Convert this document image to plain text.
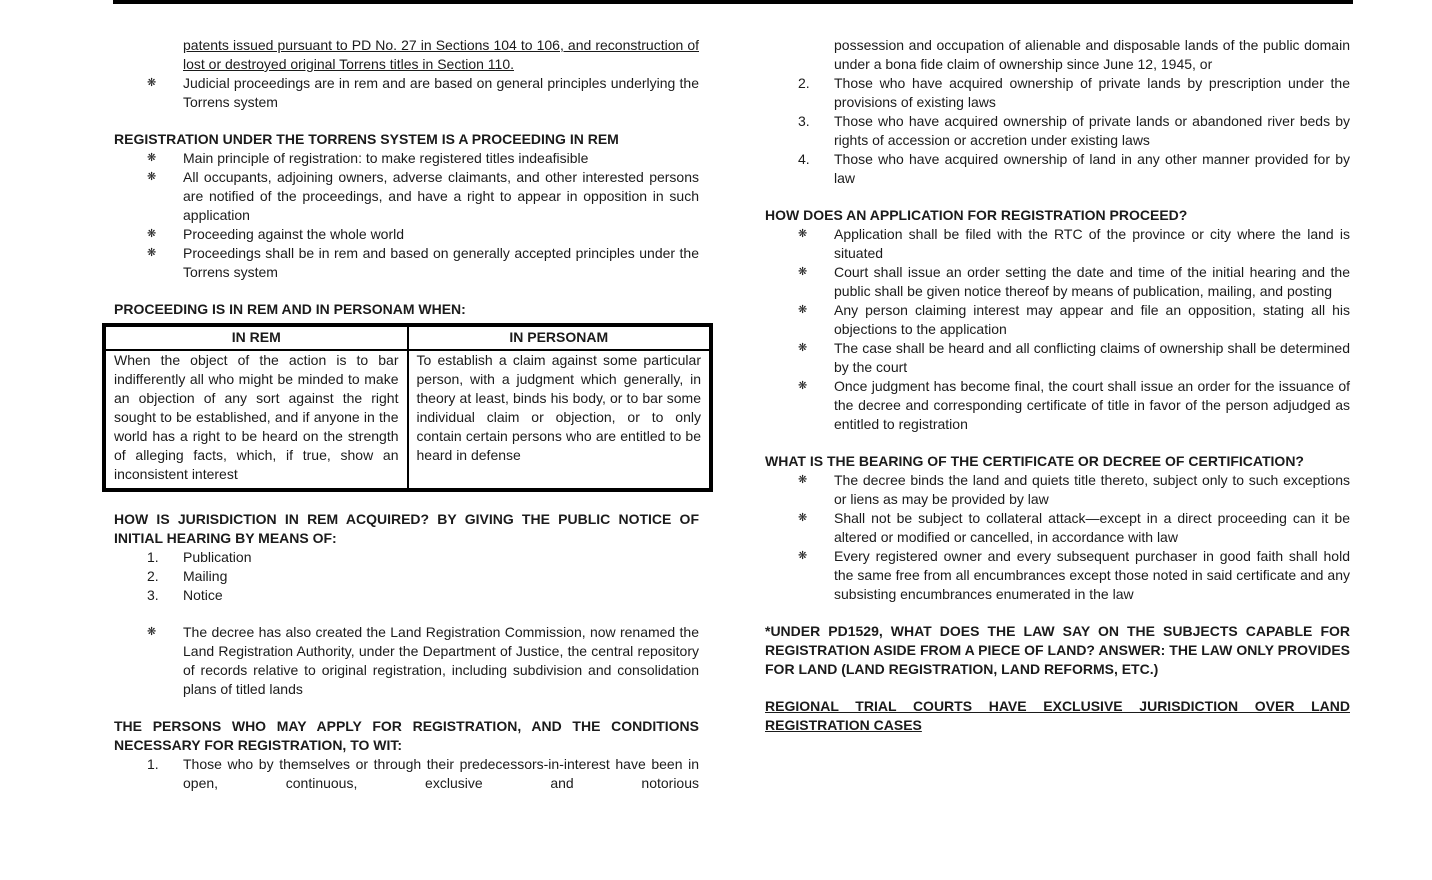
patents issued pursuant to PD No. 27 in Sections 104 to 106, and reconstruction of lost or destroyed original Torrens titles in Section 110.

❋ Judicial proceedings are in rem and are based on general principles underlying the Torrens system

REGISTRATION UNDER THE TORRENS SYSTEM IS A PROCEEDING IN REM

❋ Main principle of registration: to make registered titles indeafisible
❋ All occupants, adjoining owners, adverse claimants, and other interested persons are notified of the proceedings, and have a right to appear in opposition in such application
❋ Proceeding against the whole world
❋ Proceedings shall be in rem and based on generally accepted principles under the Torrens system

PROCEEDING IS IN REM AND IN PERSONAM WHEN:

IN REM	IN PERSONAM
When the object of the action is to bar indifferently all who might be minded to make an objection of any sort against the right sought to be established, and if anyone in the world has a right to be heard on the strength of alleging facts, which, if true, show an inconsistent interest	To establish a claim against some particular person, with a judgment which generally, in theory at least, binds his body, or to bar some individual claim or objection, or to only contain certain persons who are entitled to be heard in defense

HOW IS JURISDICTION IN REM ACQUIRED? BY GIVING THE PUBLIC NOTICE OF INITIAL HEARING BY MEANS OF:

1. Publication
2. Mailing
3. Notice
❋ The decree has also created the Land Registration Commission, now renamed the Land Registration Authority, under the Department of Justice, the central repository of records relative to original registration, including subdivision and consolidation plans of titled lands

THE PERSONS WHO MAY APPLY FOR REGISTRATION, AND THE CONDITIONS NECESSARY FOR REGISTRATION, TO WIT:

1. Those who by themselves or through their predecessors-in-interest have been in open, continuous, exclusive and notorious

possession and occupation of alienable and disposable lands of the public domain under a bona fide claim of ownership since June 12, 1945, or

2. Those who have acquired ownership of private lands by prescription under the provisions of existing laws
3. Those who have acquired ownership of private lands or abandoned river beds by rights of accession or accretion under existing laws
4. Those who have acquired ownership of land in any other manner provided for by law

HOW DOES AN APPLICATION FOR REGISTRATION PROCEED?

❋ Application shall be filed with the RTC of the province or city where the land is situated
❋ Court shall issue an order setting the date and time of the initial hearing and the public shall be given notice thereof by means of publication, mailing, and posting
❋ Any person claiming interest may appear and file an opposition, stating all his objections to the application
❋ The case shall be heard and all conflicting claims of ownership shall be determined by the court
❋ Once judgment has become final, the court shall issue an order for the issuance of the decree and corresponding certificate of title in favor of the person adjudged as entitled to registration

WHAT IS THE BEARING OF THE CERTIFICATE OR DECREE OF CERTIFICATION?

❋ The decree binds the land and quiets title thereto, subject only to such exceptions or liens as may be provided by law
❋ Shall not be subject to collateral attack—except in a direct proceeding can it be altered or modified or cancelled, in accordance with law
❋ Every registered owner and every subsequent purchaser in good faith shall hold the same free from all encumbrances except those noted in said certificate and any subsisting encumbrances enumerated in the law

*UNDER PD1529, WHAT DOES THE LAW SAY ON THE SUBJECTS CAPABLE FOR REGISTRATION ASIDE FROM A PIECE OF LAND? ANSWER: THE LAW ONLY PROVIDES FOR LAND (LAND REGISTRATION, LAND REFORMS, ETC.)

REGIONAL TRIAL COURTS HAVE EXCLUSIVE JURISDICTION OVER LAND REGISTRATION CASES
